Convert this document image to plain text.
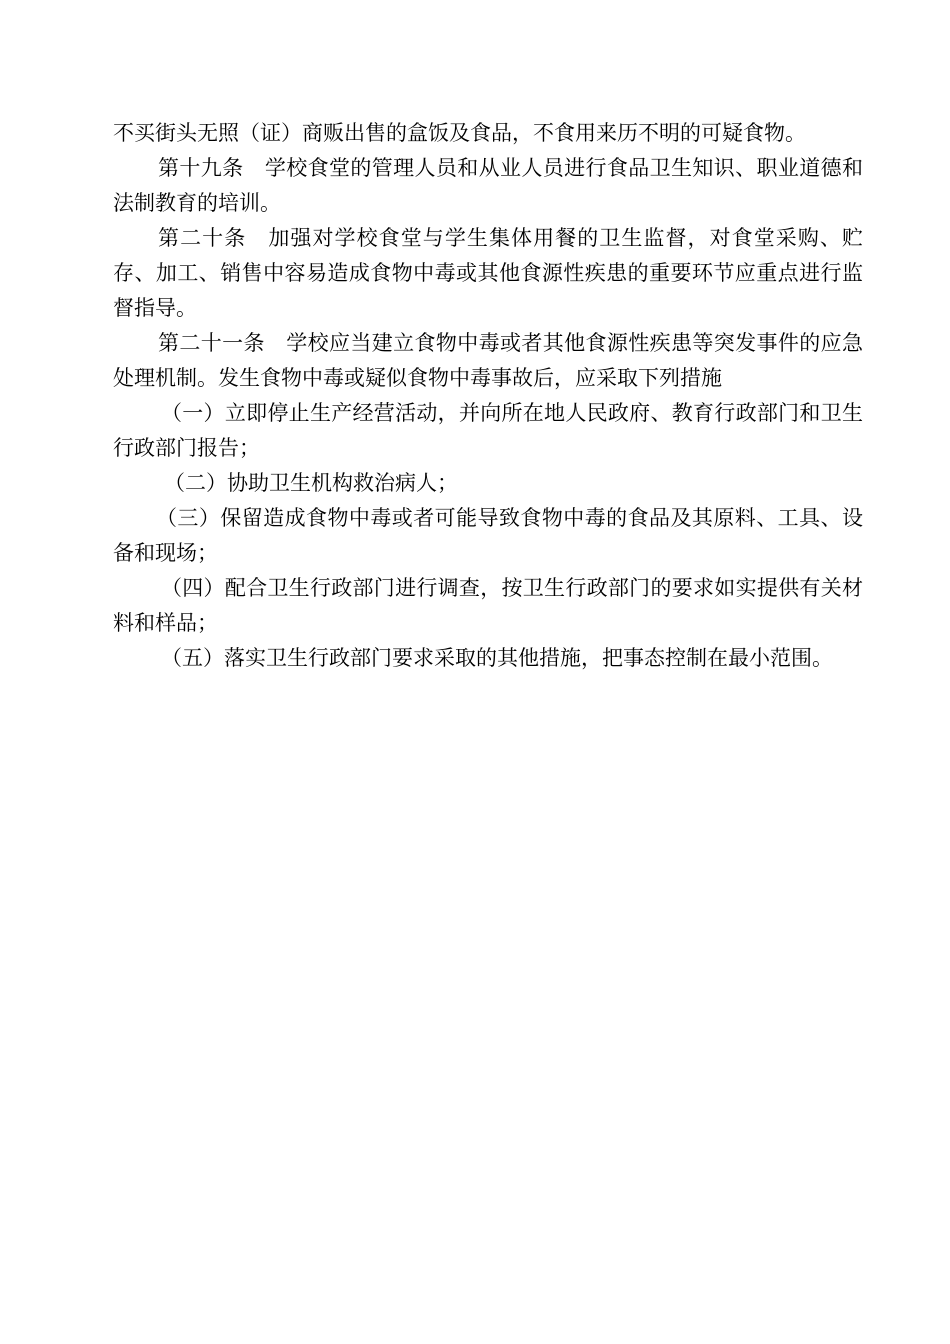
不买街头无照（证）商贩出售的盒饭及食品，不食用来历不明的可疑食物。

第十九条　学校食堂的管理人员和从业人员进行食品卫生知识、职业道德和法制教育的培训。

第二十条　加强对学校食堂与学生集体用餐的卫生监督，对食堂采购、贮存、加工、销售中容易造成食物中毒或其他食源性疾患的重要环节应重点进行监督指导。

第二十一条　学校应当建立食物中毒或者其他食源性疾患等突发事件的应急处理机制。发生食物中毒或疑似食物中毒事故后，应采取下列措施

（一）立即停止生产经营活动，并向所在地人民政府、教育行政部门和卫生行政部门报告；

（二）协助卫生机构救治病人；

（三）保留造成食物中毒或者可能导致食物中毒的食品及其原料、工具、设备和现场；

（四）配合卫生行政部门进行调查，按卫生行政部门的要求如实提供有关材料和样品；

（五）落实卫生行政部门要求采取的其他措施，把事态控制在最小范围。
